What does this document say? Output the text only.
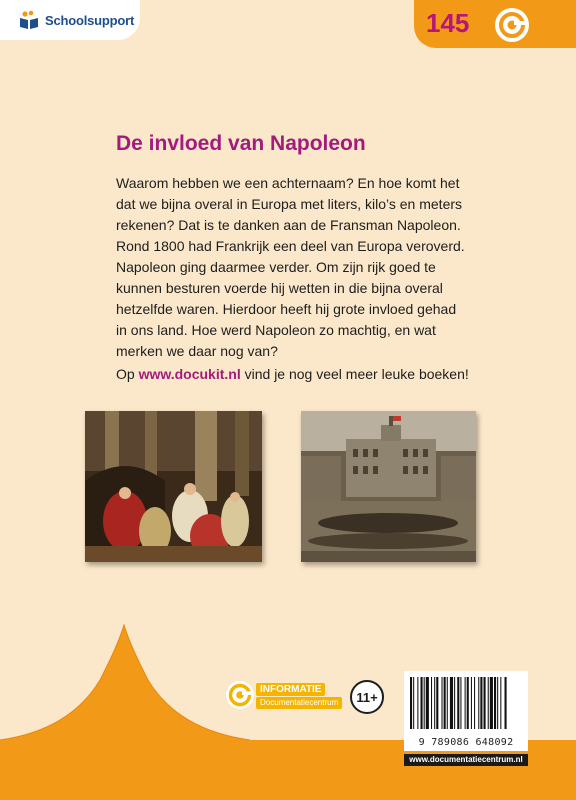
Schoolsupport	145
De invloed van Napoleon

Waarom hebben we een achternaam? En hoe komt het dat we bijna overal in Europa met liters, kilo’s en meters rekenen? Dat is te danken aan de Fransman Napoleon. Rond 1800 had Frankrijk een deel van Europa veroverd. Napoleon ging daarmee verder. Om zijn rijk goed te kunnen besturen voerde hij wetten in die bijna overal hetzelfde waren. Hierdoor heeft hij grote invloed gehad in ons land. Hoe werd Napoleon zo machtig, en wat merken we daar nog van?

Op www.docukit.nl vind je nog veel meer leuke boeken!

INFORMATIE
Documentatiecentrum	11+
9 789086 648092
www.documentatiecentrum.nl
